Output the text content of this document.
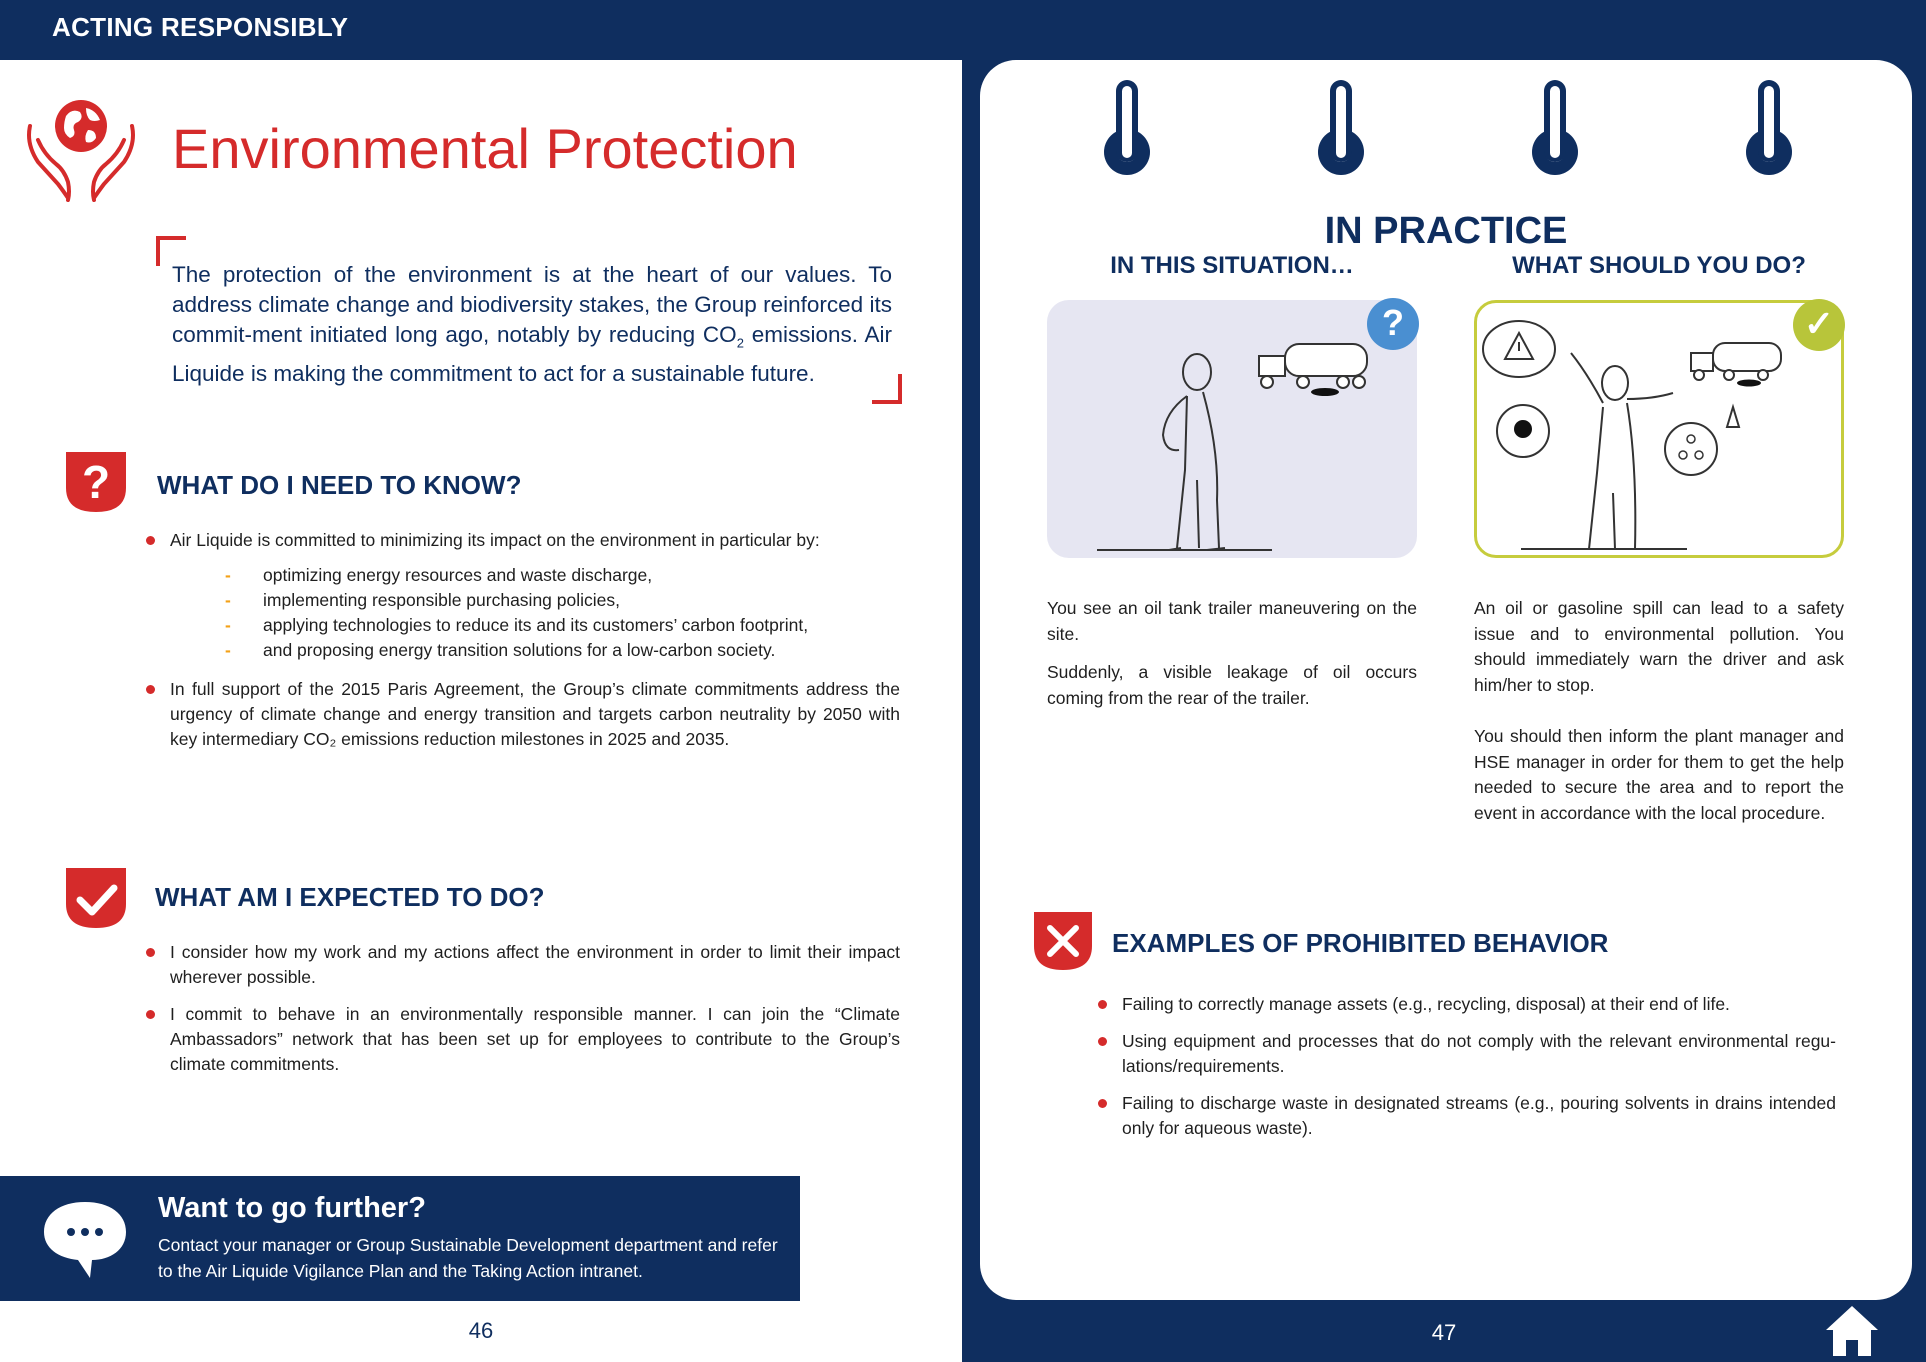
ACTING RESPONSIBLY
Environmental Protection

The protection of the environment is at the heart of our values. To address climate change and biodiversity stakes, the Group reinforced its commit-ment initiated long ago, notably by reducing $CO_2$ emissions. Air Liquide is making the commitment to act for a sustainable future.

? WHAT DO I NEED TO KNOW?
Air Liquide is committed to minimizing its impact on the environment in particular by:
- optimizing energy resources and waste discharge,
- implementing responsible purchasing policies,
- applying technologies to reduce its and its customers’ carbon footprint,
- and proposing energy transition solutions for a low-carbon society.
In full support of the 2015 Paris Agreement, the Group’s climate commitments address the urgency of climate change and energy transition and targets carbon neutrality by 2050 with key intermediary CO₂ emissions reduction milestones in 2025 and 2035.
WHAT AM I EXPECTED TO DO?
I consider how my work and my actions affect the environment in order to limit their impact wherever possible.
I commit to behave in an environmentally responsible manner. I can join the “Climate Ambassadors” network that has been set up for employees to contribute to the Group’s climate commitments.
Want to go further?
Contact your manager or Group Sustainable Development department and refer to the Air Liquide Vigilance Plan and the Taking Action intranet.
46
IN PRACTICE
IN THIS SITUATION…	WHAT SHOULD YOU DO?
?	✓

You see an oil tank trailer maneuvering on the site.

Suddenly, a visible leakage of oil occurs coming from the rear of the trailer.

An oil or gasoline spill can lead to a safety issue and to environmental pollution. You should immediately warn the driver and ask him/her to stop.

You should then inform the plant manager and HSE manager in order for them to get the help needed to secure the area and to report the event in accordance with the local procedure.

EXAMPLES OF PROHIBITED BEHAVIOR
Failing to correctly manage assets (e.g., recycling, disposal) at their end of life.
Using equipment and processes that do not comply with the relevant environmental regu-lations/requirements.
Failing to discharge waste in designated streams (e.g., pouring solvents in drains intended only for aqueous waste).
47
